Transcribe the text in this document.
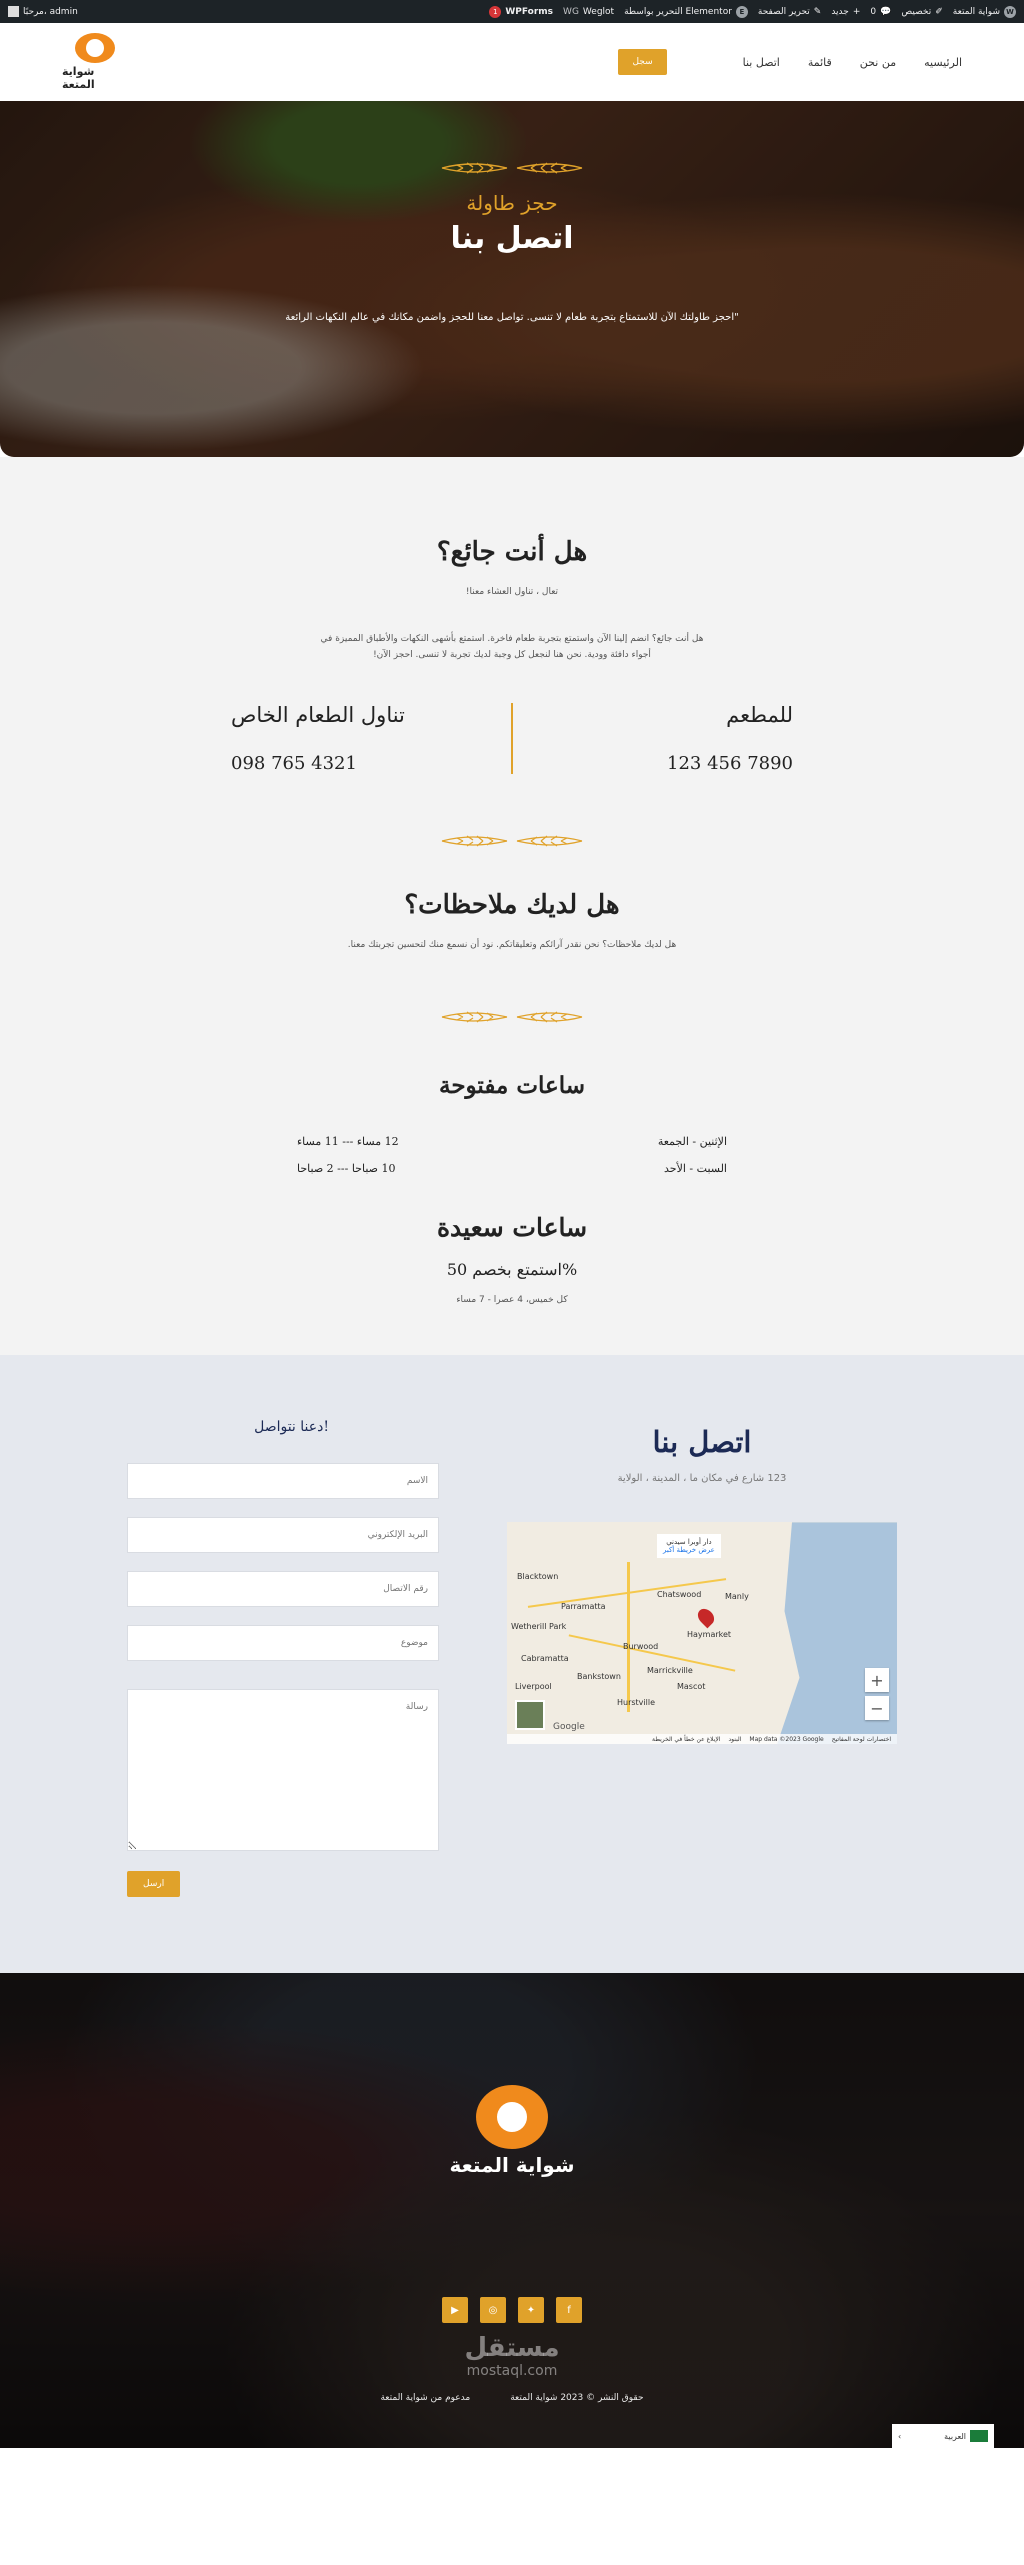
مرحبًا، admin	1 WPForms WG Weglot التحرير بواسطة Elementor	E	تحرير الصفحة ✎ جديد + 0 💬 تخصيص ✐ شواية المتعة W
شواية المتعة
الرئيسيه
من نحن
قائمة
اتصل بنا
سجل
حجز طاولة
اتصل بنا

"احجز طاولتك الآن للاستمتاع بتجربة طعام لا تنسى. تواصل معنا للحجز واضمن مكانك في عالم النكهات الرائعة

هل أنت جائع؟

تعال ، تناول العشاء معنا!

هل أنت جائع؟ انضم إلينا الآن واستمتع بتجربة طعام فاخرة. استمتع بأشهى النكهات والأطباق المميزة في أجواء دافئة وودية. نحن هنا لنجعل كل وجبة لديك تجربة لا تنسى. احجز الآن!

للمطعم
123 456 7890
تناول الطعام الخاص
098 765 4321
هل لديك ملاحظات؟

هل لديك ملاحظات؟ نحن نقدر آرائكم وتعليقاتكم. نود أن نسمع منك لتحسين تجربتك معنا.

ساعات مفتوحة
الإثنين - الجمعة
12 مساء --- 11 مساء
السبت - الأحد
10 صباحا --- 2 صباحا
ساعات سعيدة
استمتع بخصم 50%

كل خميس، 4 عصرا - 7 مساء

دعنا نتواصل!
الاسم البريد الإلكتروني رقم الاتصال موضوع رسالة
ارسل
اتصل بنا

123 شارع في مكان ما ، المدينة ، الولاية

دار أوبرا سيدني
عرض خريطة أكبر
Blacktown
Parramatta
Chatswood	Manly
Burwood
Haymarket
Cabramatta
Bankstown
Marrickville
Liverpool
Hurstville
Mascot
Wetherill Park
+
−
Google
الإبلاغ عن خطأ في الخريطة البنود Map data ©2023 Google اختصارات لوحة المفاتيح
شواية المتعة
▶	◎	✦	f
مستقل
mostaql.com
حقوق النشر © 2023 شواية المتعة
مدعوم من شواية المتعة
العربية
›
